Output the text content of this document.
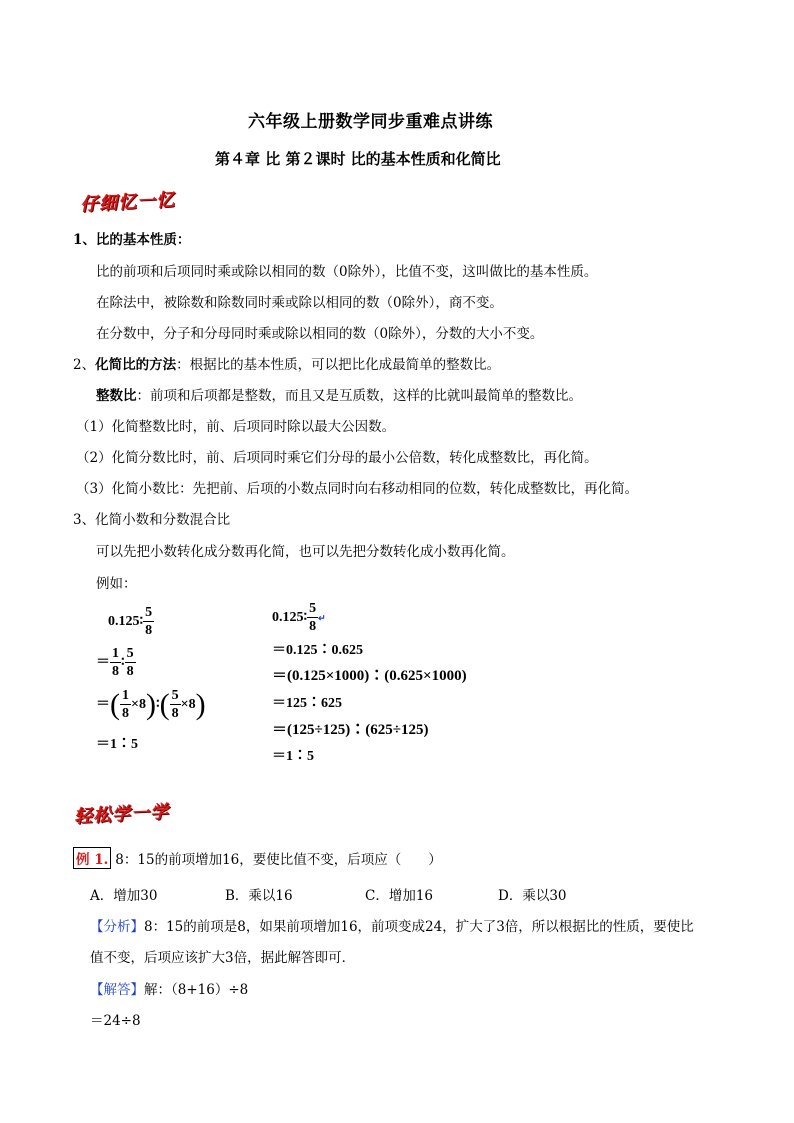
六年级上册数学同步重难点讲练
第４章 比 第２课时 比的基本性质和化简比
仔细忆一忆
1、比的基本性质：
比的前项和后项同时乘或除以相同的数（0除外），比值不变，这叫做比的基本性质。
在除法中，被除数和除数同时乘或除以相同的数（0除外），商不变。
在分数中，分子和分母同时乘或除以相同的数（0除外），分数的大小不变。
2、化简比的方法：根据比的基本性质，可以把比化成最简单的整数比。
整数比：前项和后项都是整数，而且又是互质数，这样的比就叫最简单的整数比。
（1）化简整数比时，前、后项同时除以最大公因数。
（2）化简分数比时，前、后项同时乘它们分母的最小公倍数，转化成整数比，再化简。
（3）化简小数比：先把前、后项的小数点同时向右移动相同的位数，转化成整数比，再化简。
3、化简小数和分数混合比
可以先把小数转化成分数再化简，也可以先把分数转化成小数再化简。
例如：
0.125∶ $\frac{5}{8}$
＝ $\frac{1}{8}$ ∶ $\frac{5}{8}$
＝( $\frac{1}{8}$ ×8)∶( $\frac{5}{8} \times 8$)
＝1∶5
0.125∶ $\frac{5}{8}$ ↵
＝0.125∶0.625
＝(0.125×1000)∶(0.625×1000)
＝125∶625
＝(125÷125)∶(625÷125)
＝1∶5
轻松学一学
例 1. 8：15的前项增加16，要使比值不变，后项应（　　）
A．增加30	B．乘以16	C．增加16	D．乘以30
【分析】8：15的前项是8，如果前项增加16，前项变成24，扩大了3倍，所以根据比的性质，要使比
值不变，后项应该扩大3倍，据此解答即可．
【解答】解：（8+16）÷8
＝24÷8
